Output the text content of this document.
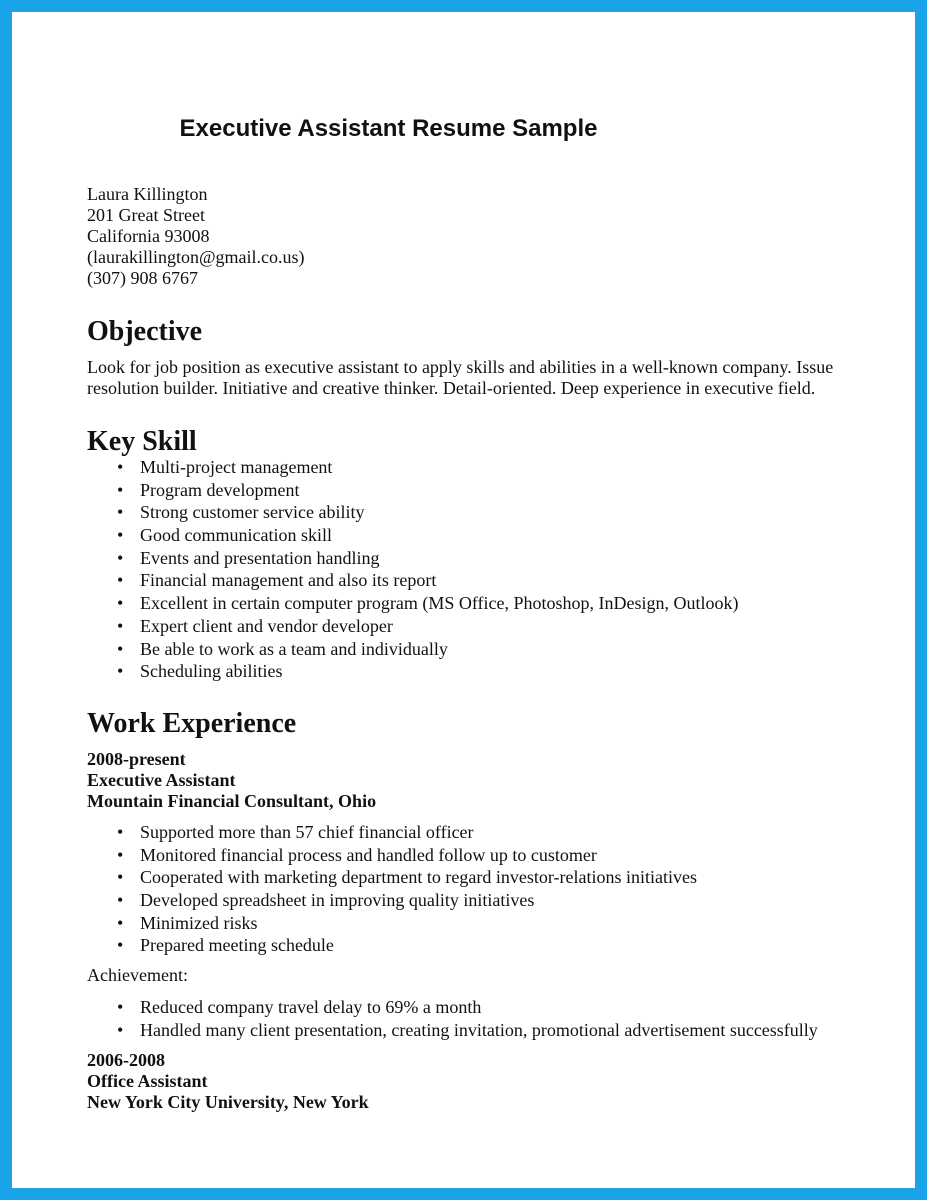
Executive Assistant Resume Sample
Laura Killington
201 Great Street
California 93008
(laurakillington@gmail.co.us)
(307) 908 6767
Objective
Look for job position as executive assistant to apply skills and abilities in a well-known company. Issue
resolution builder. Initiative and creative thinker. Detail-oriented. Deep experience in executive field.
Key Skill
• Multi-project management
• Program development
• Strong customer service ability
• Good communication skill
• Events and presentation handling
• Financial management and also its report
• Excellent in certain computer program (MS Office, Photoshop, InDesign, Outlook)
• Expert client and vendor developer
• Be able to work as a team and individually
• Scheduling abilities
Work Experience
2008-present
Executive Assistant
Mountain Financial Consultant, Ohio
• Supported more than 57 chief financial officer
• Monitored financial process and handled follow up to customer
• Cooperated with marketing department to regard investor-relations initiatives
• Developed spreadsheet in improving quality initiatives
• Minimized risks
• Prepared meeting schedule
Achievement:
• Reduced company travel delay to 69% a month
• Handled many client presentation, creating invitation, promotional advertisement successfully
2006-2008
Office Assistant
New York City University, New York
